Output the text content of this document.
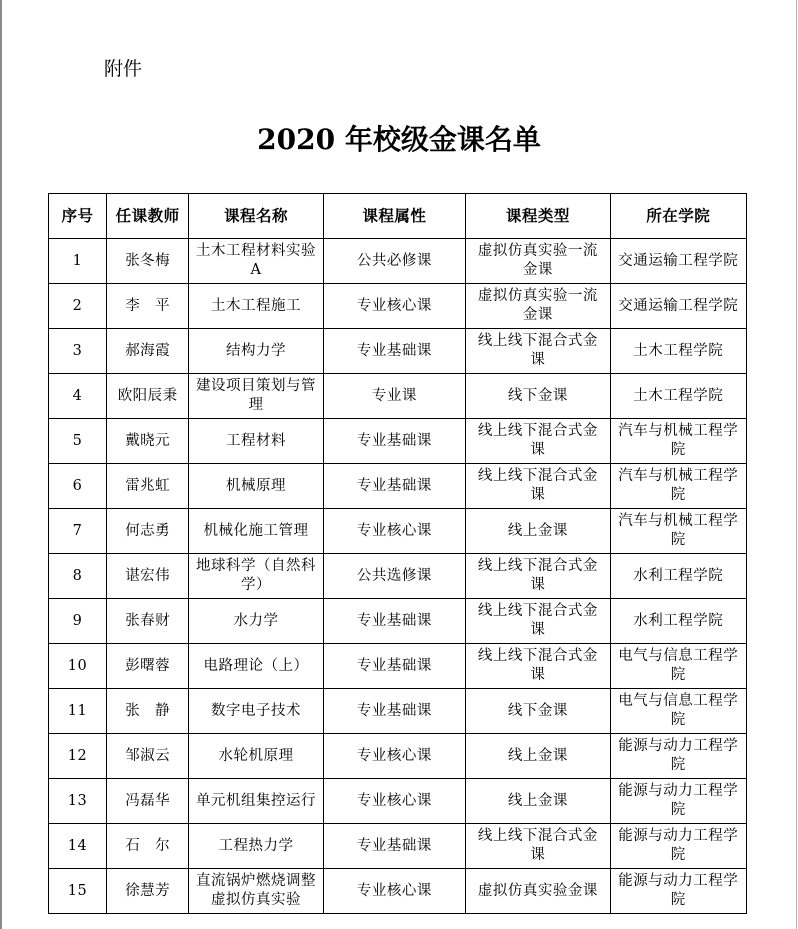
附件
2020 年校级金课名单
序号	任课教师	课程名称	课程属性	课程类型	所在学院
1	张冬梅	土木工程材料实验 A	公共必修课	虚拟仿真实验一流金课	交通运输工程学院
2	李　平	土木工程施工	专业核心课	虚拟仿真实验一流金课	交通运输工程学院
3	郝海霞	结构力学	专业基础课	线上线下混合式金课	土木工程学院
4	欧阳辰秉	建设项目策划与管理	专业课	线下金课	土木工程学院
5	戴晓元	工程材料	专业基础课	线上线下混合式金课	汽车与机械工程学院
6	雷兆虹	机械原理	专业基础课	线上线下混合式金课	汽车与机械工程学院
7	何志勇	机械化施工管理	专业核心课	线上金课	汽车与机械工程学院
8	谌宏伟	地球科学（自然科学）	公共选修课	线上线下混合式金课	水利工程学院
9	张春财	水力学	专业基础课	线上线下混合式金课	水利工程学院
10	彭曙蓉	电路理论（上）	专业基础课	线上线下混合式金课	电气与信息工程学院
11	张　静	数字电子技术	专业基础课	线下金课	电气与信息工程学院
12	邹淑云	水轮机原理	专业核心课	线上金课	能源与动力工程学院
13	冯磊华	单元机组集控运行	专业核心课	线上金课	能源与动力工程学院
14	石　尔	工程热力学	专业基础课	线上线下混合式金课	能源与动力工程学院
15	徐慧芳	直流锅炉燃烧调整虚拟仿真实验	专业核心课	虚拟仿真实验金课	能源与动力工程学院
